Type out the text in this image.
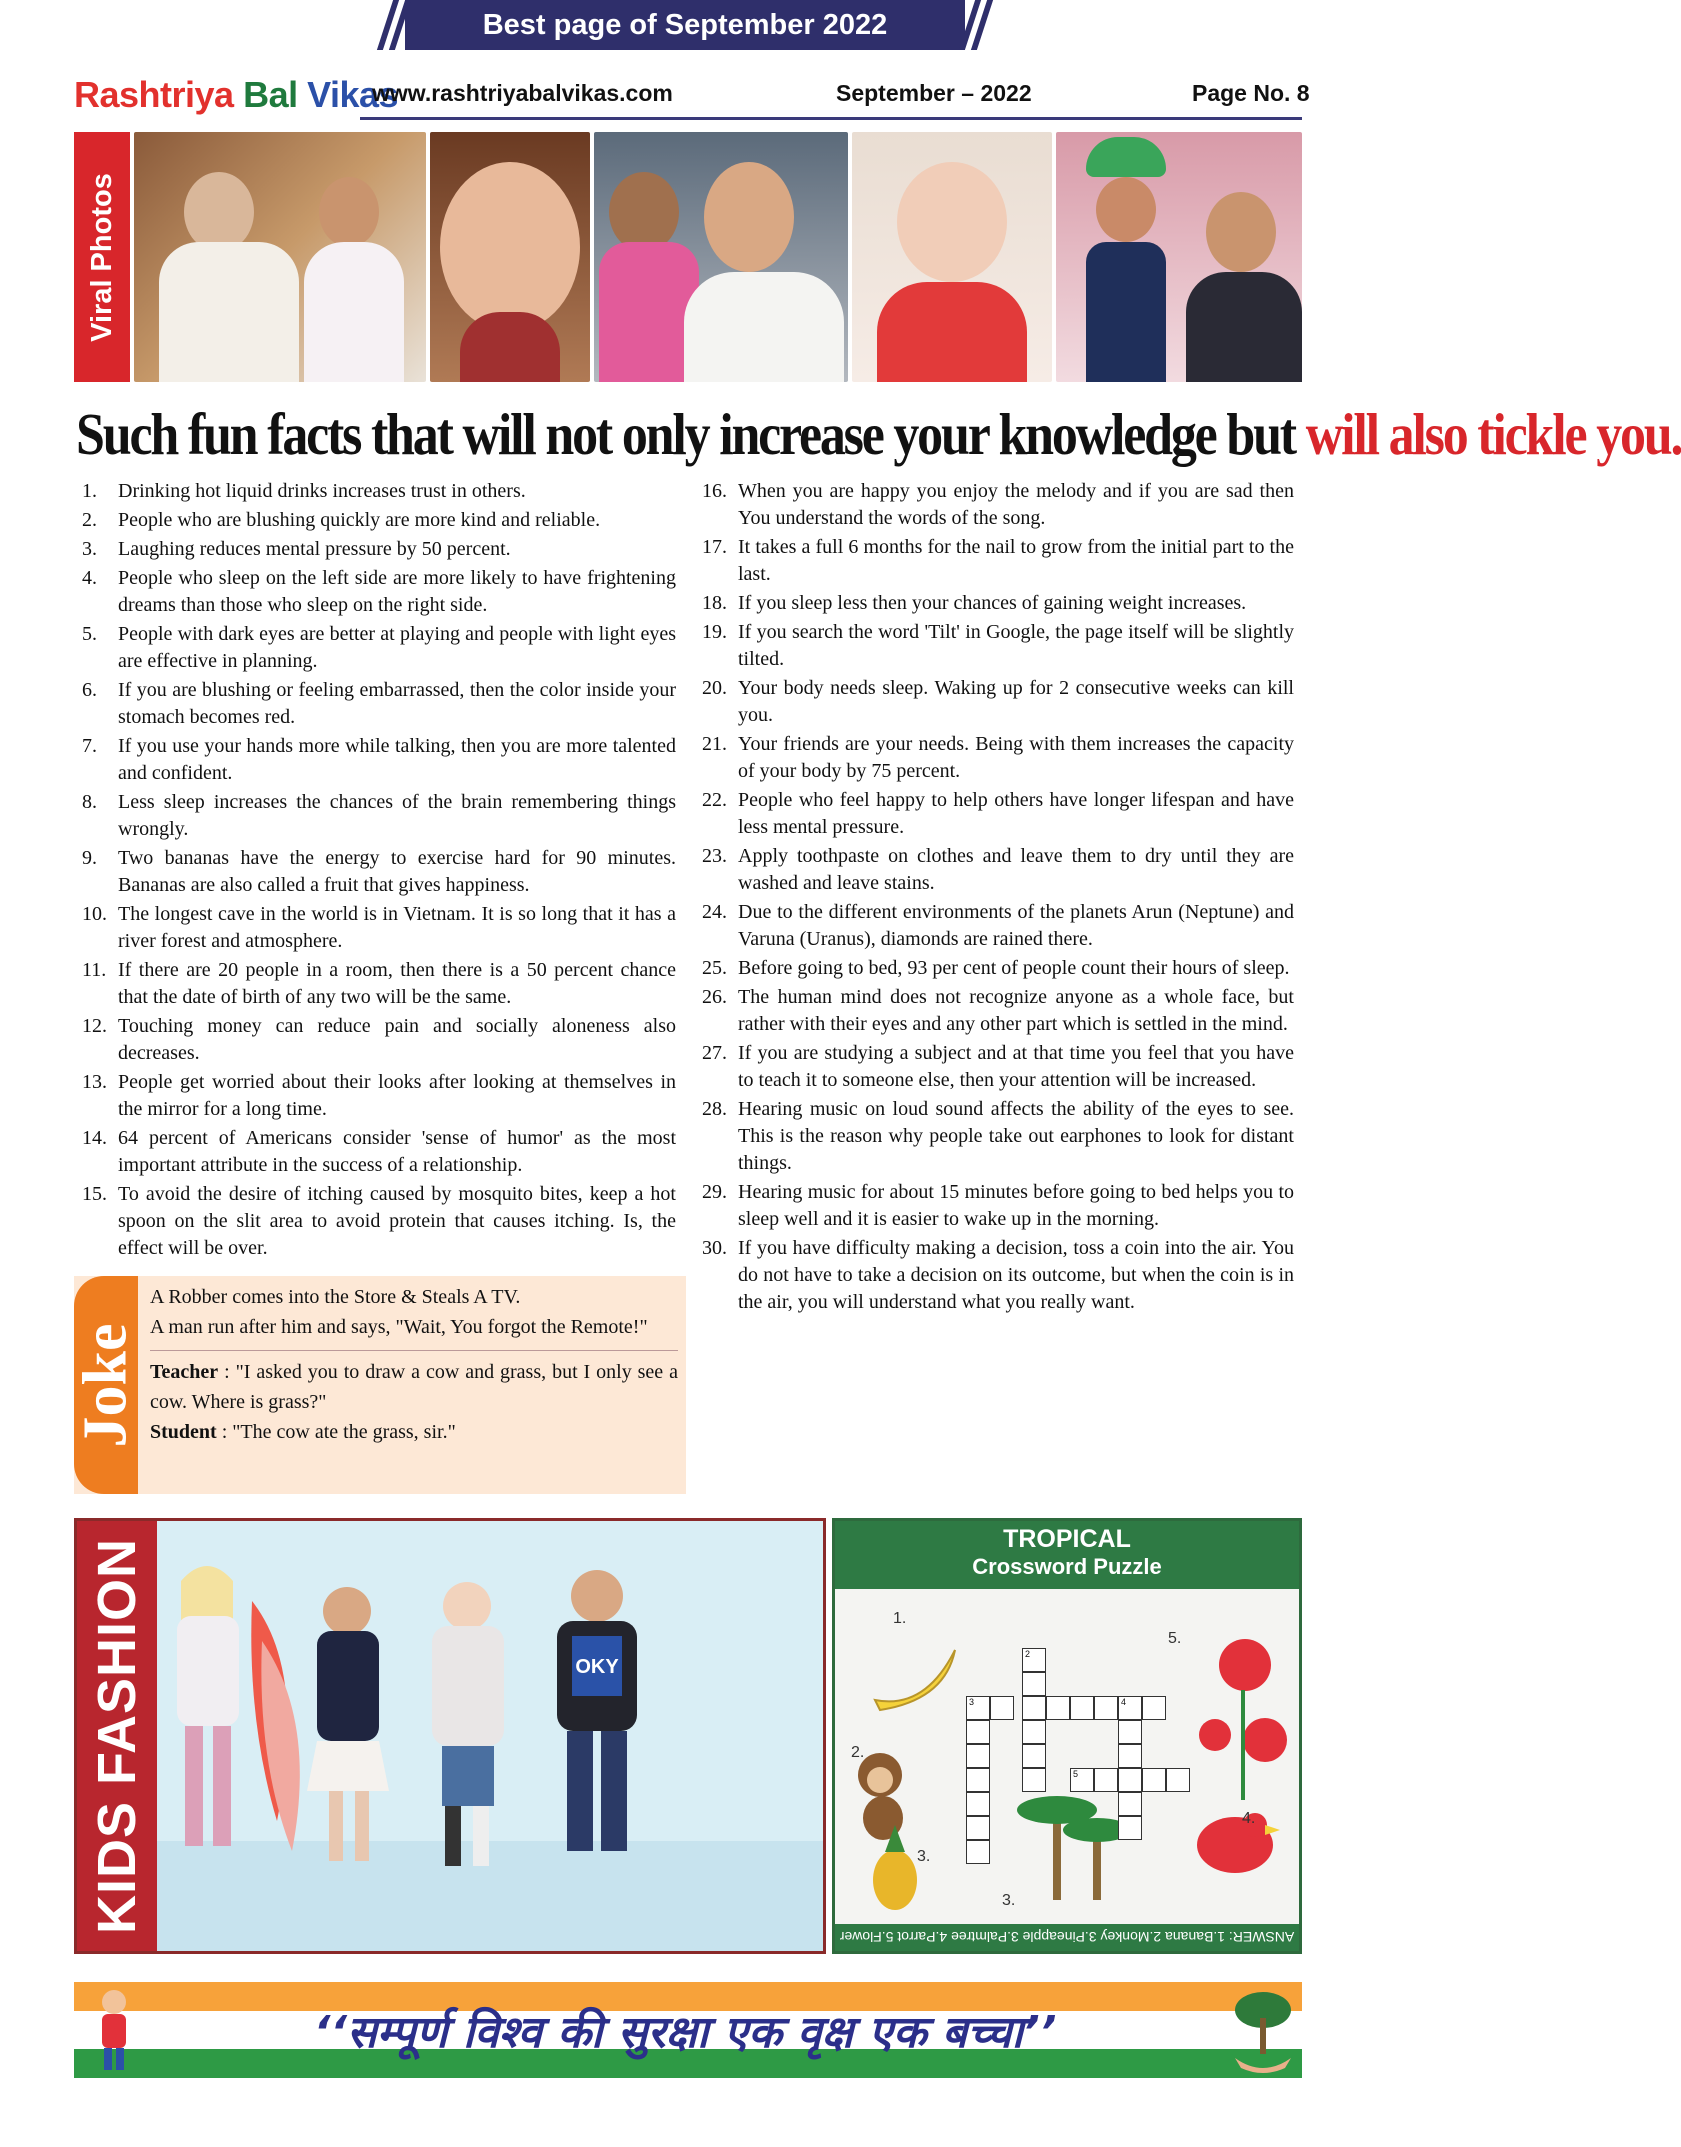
Best page of September 2022
Rashtriya Bal Vikas
www.rashtriyabalvikas.com	September – 2022	Page No. 8
Viral Photos
Such fun facts that will not only increase your knowledge but will also tickle you.
1.	Drinking hot liquid drinks increases trust in others.
2.	People who are blushing quickly are more kind and reliable.
3.	Laughing reduces mental pressure by 50 percent.
4.	People who sleep on the left side are more likely to have frightening dreams than those who sleep on the right side.
5.	People with dark eyes are better at playing and people with light eyes are effective in planning.
6.	If you are blushing or feeling embarrassed, then the color inside your stomach becomes red.
7.	If you use your hands more while talking, then you are more talented and confident.
8.	Less sleep increases the chances of the brain remembering things wrongly.
9.	Two bananas have the energy to exercise hard for 90 minutes. Bananas are also called a fruit that gives happiness.
10. The longest cave in the world is in Vietnam. It is so long that it has a river forest and atmosphere.
11. If there are 20 people in a room, then there is a 50 percent chance that the date of birth of any two will be the same.
12. Touching money can reduce pain and socially aloneness also decreases.
13. People get worried about their looks after looking at themselves in the mirror for a long time.
14. 64 percent of Americans consider 'sense of humor' as the most important attribute in the success of a relationship.
15. To avoid the desire of itching caused by mosquito bites, keep a hot spoon on the slit area to avoid protein that causes itching. Is, the effect will be over.
16. When you are happy you enjoy the melody and if you are sad then You understand the words of the song.
17. It takes a full 6 months for the nail to grow from the initial part to the last.
18. If you sleep less then your chances of gaining weight increases.
19. If you search the word 'Tilt' in Google, the page itself will be slightly tilted.
20. Your body needs sleep. Waking up for 2 consecutive weeks can kill you.
21. Your friends are your needs. Being with them increases the capacity of your body by 75 percent.
22. People who feel happy to help others have longer lifespan and have less mental pressure.
23. Apply toothpaste on clothes and leave them to dry until they are washed and leave stains.
24. Due to the different environments of the planets Arun (Neptune) and Varuna (Uranus), diamonds are rained there.
25. Before going to bed, 93 per cent of people count their hours of sleep.
26. The human mind does not recognize anyone as a whole face, but rather with their eyes and any other part which is settled in the mind.
27. If you are studying a subject and at that time you feel that you have to teach it to someone else, then your attention will be increased.
28. Hearing music on loud sound affects the ability of the eyes to see. This is the reason why people take out earphones to look for distant things.
29. Hearing music for about 15 minutes before going to bed helps you to sleep well and it is easier to wake up in the morning.
30. If you have difficulty making a decision, toss a coin into the air. You do not have to take a decision on its outcome, but when the coin is in the air, you will understand what you really want.
Joke

A Robber comes into the Store & Steals A TV.

A man run after him and says, "Wait, You forgot the Remote!"

Teacher : "I asked you to draw a cow and grass, but I only see a cow. Where is grass?"

Student : "The cow ate the grass, sir."

OKY
KIDS FASHION	TROPICAL
Crossword Puzzle
2
3	4
5
1.
2.
3.
3.
4.
5.
ANSWER: 1.Banana 2.Monkey 3.Pineapple 3.Palmtree 4.Parrot 5.Flower
‘‘सम्पूर्ण विश्व की सुरक्षा एक वृक्ष एक बच्चा’’
